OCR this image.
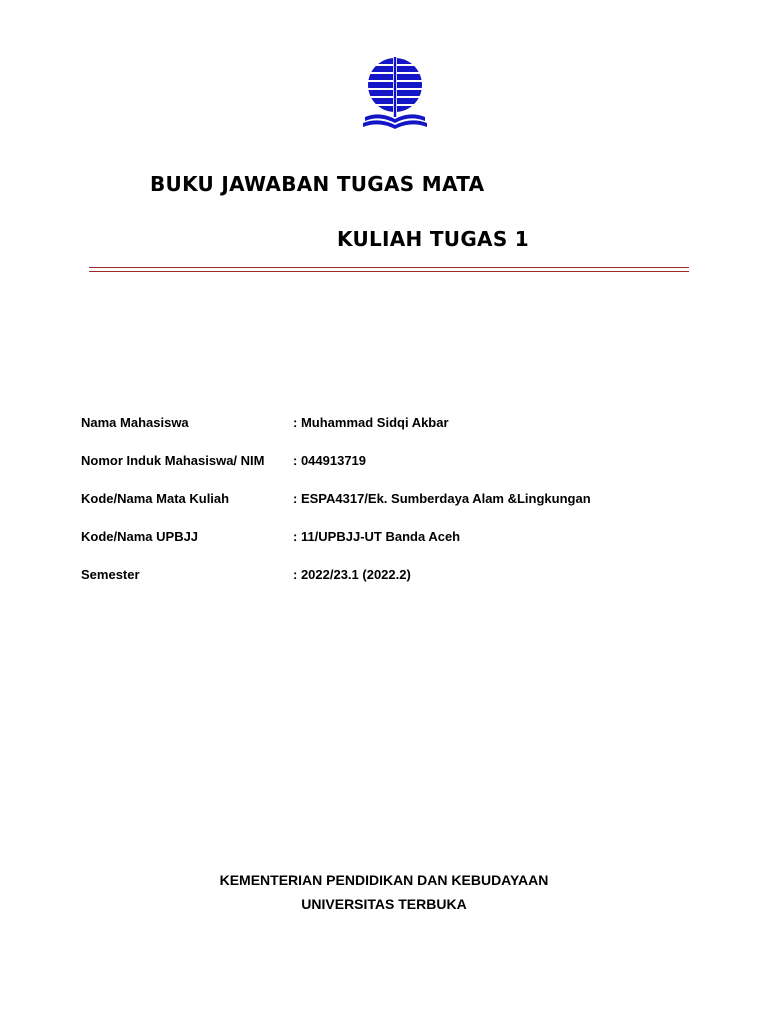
BUKU JAWABAN TUGAS MATA
KULIAH TUGAS 1
Nama Mahasiswa	: Muhammad Sidqi Akbar
Nomor Induk Mahasiswa/ NIM : 044913719
Kode/Nama Mata Kuliah	: ESPA4317/Ek. Sumberdaya Alam &Lingkungan
Kode/Nama UPBJJ	: 11/UPBJJ-UT Banda Aceh
Semester	: 2022/23.1 (2022.2)
KEMENTERIAN PENDIDIKAN DAN KEBUDAYAAN
UNIVERSITAS TERBUKA
